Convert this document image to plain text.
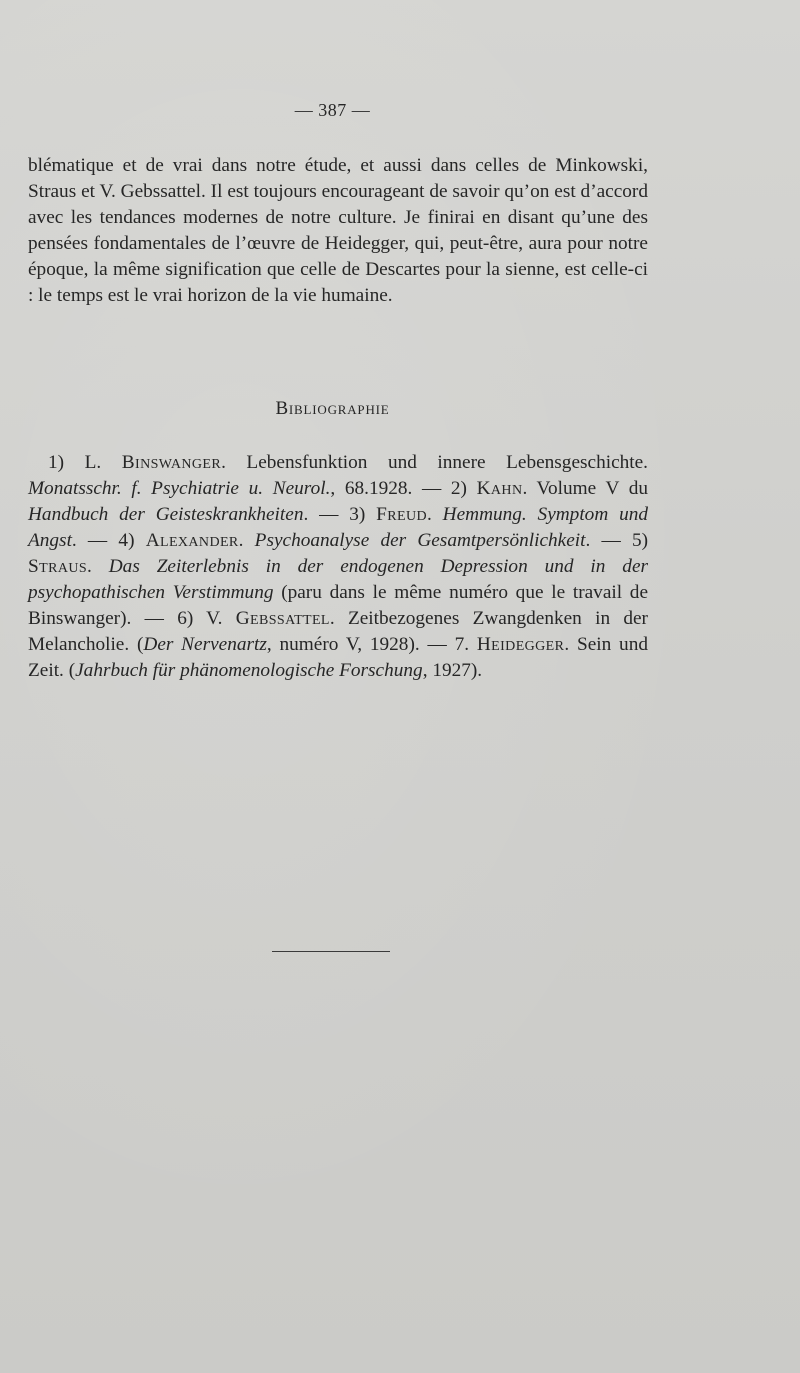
— 387 —

blématique et de vrai dans notre étude, et aussi dans celles de Minkowski, Straus et V. Gebssattel. Il est toujours encourageant de savoir qu’on est d’accord avec les tendances modernes de notre culture. Je finirai en disant qu’une des pensées fondamentales de l’œuvre de Heidegger, qui, peut-être, aura pour notre époque, la même signification que celle de Descartes pour la sienne, est celle-ci : le temps est le vrai horizon de la vie humaine.

Bibliographie

1) L. Binswanger. Lebensfunktion und innere Lebensgeschichte. Monatsschr. f. Psychiatrie u. Neurol., 68.1928. — 2) Kahn. Volume V du Handbuch der Geisteskrankheiten. — 3) Freud. Hemmung. Symptom und Angst. — 4) Alexander. Psychoanalyse der Gesamtpersönlichkeit. — 5) Straus. Das Zeiterlebnis in der endogenen Depression und in der psychopathischen Verstimmung (paru dans le même numéro que le travail de Binswanger). — 6) V. Gebssattel. Zeitbezogenes Zwangdenken in der Melancholie. (Der Nervenartz, numéro V, 1928). — 7. Heidegger. Sein und Zeit. (Jahrbuch für phänomenologische Forschung, 1927).
